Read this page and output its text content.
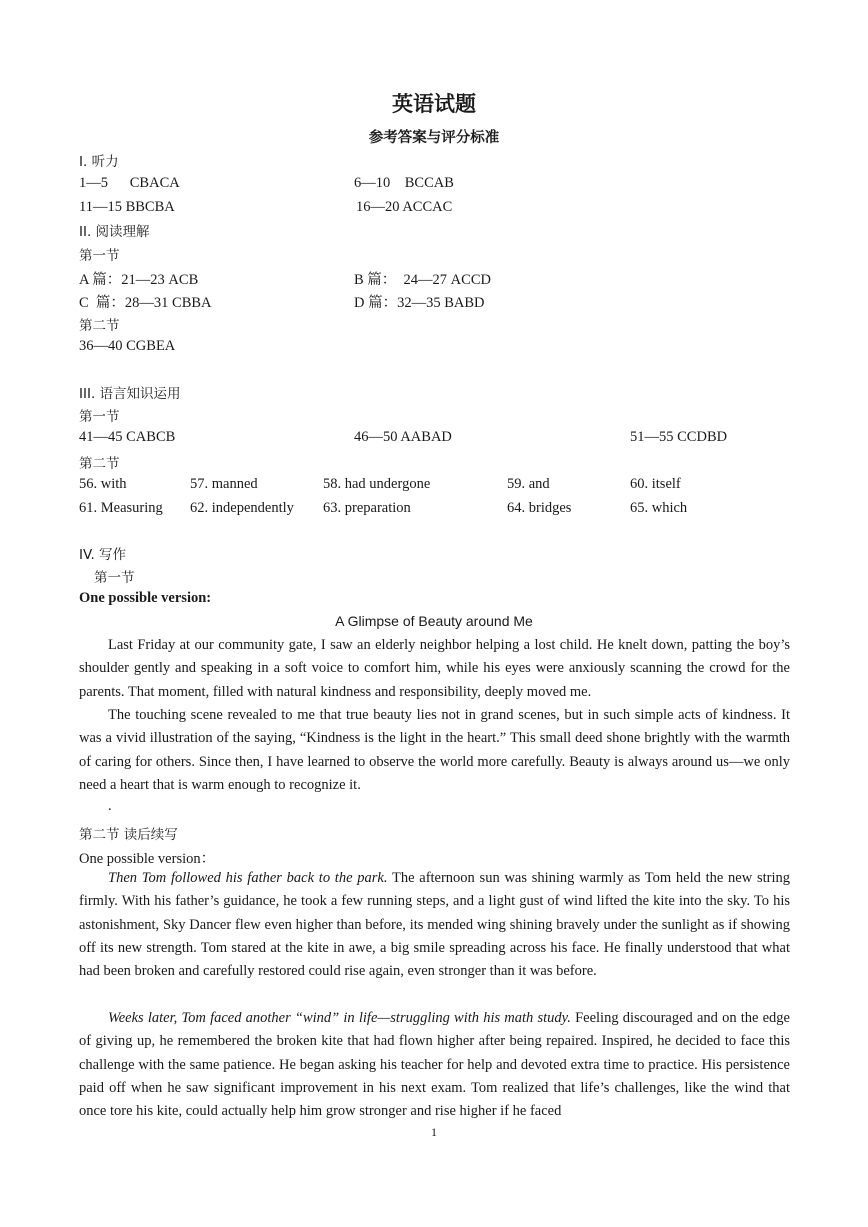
英语试题
参考答案与评分标准
I. 听力
1—5      CBACA	6—10    BCCAB
11—15 BBCBA	16—20 ACCAC
II. 阅读理解
第一节
A 篇：21—23 ACB	B 篇：  24—27 ACCD
C  篇：28—31 CBBA	D 篇：32—35 BABD
第二节
36—40 CGBEA
III. 语言知识运用
第一节
41—45 CABCB	46—50 AABAD	51—55 CCDBD
第二节
56. with	57. manned	58. had undergone	59. and	60. itself
61. Measuring 62. independently 63. preparation	64. bridges	65. which
IV. 写作
第一节
One possible version:
A Glimpse of Beauty around Me

Last Friday at our community gate, I saw an elderly neighbor helping a lost child. He knelt down, patting the boy’s shoulder gently and speaking in a soft voice to comfort him, while his eyes were anxiously scanning the crowd for the parents. That moment, filled with natural kindness and responsibility, deeply moved me.

The touching scene revealed to me that true beauty lies not in grand scenes, but in such simple acts of kindness. It was a vivid illustration of the saying, “Kindness is the light in the heart.” This small deed shone brightly with the warmth of caring for others. Since then, I have learned to observe the world more carefully. Beauty is always around us—we only need a heart that is warm enough to recognize it.

.
第二节 读后续写
One possible version：

Then Tom followed his father back to the park. The afternoon sun was shining warmly as Tom held the new string firmly. With his father’s guidance, he took a few running steps, and a light gust of wind lifted the kite into the sky. To his astonishment, Sky Dancer flew even higher than before, its mended wing shining bravely under the sunlight as if showing off its new strength. Tom stared at the kite in awe, a big smile spreading across his face. He finally understood that what had been broken and carefully restored could rise again, even stronger than it was before.

Weeks later, Tom faced another “wind” in life—struggling with his math study. Feeling discouraged and on the edge of giving up, he remembered the broken kite that had flown higher after being repaired. Inspired, he decided to face this challenge with the same patience. He began asking his teacher for help and devoted extra time to practice. His persistence paid off when he saw significant improvement in his next exam. Tom realized that life’s challenges, like the wind that once tore his kite, could actually help him grow stronger and rise higher if he faced

1
